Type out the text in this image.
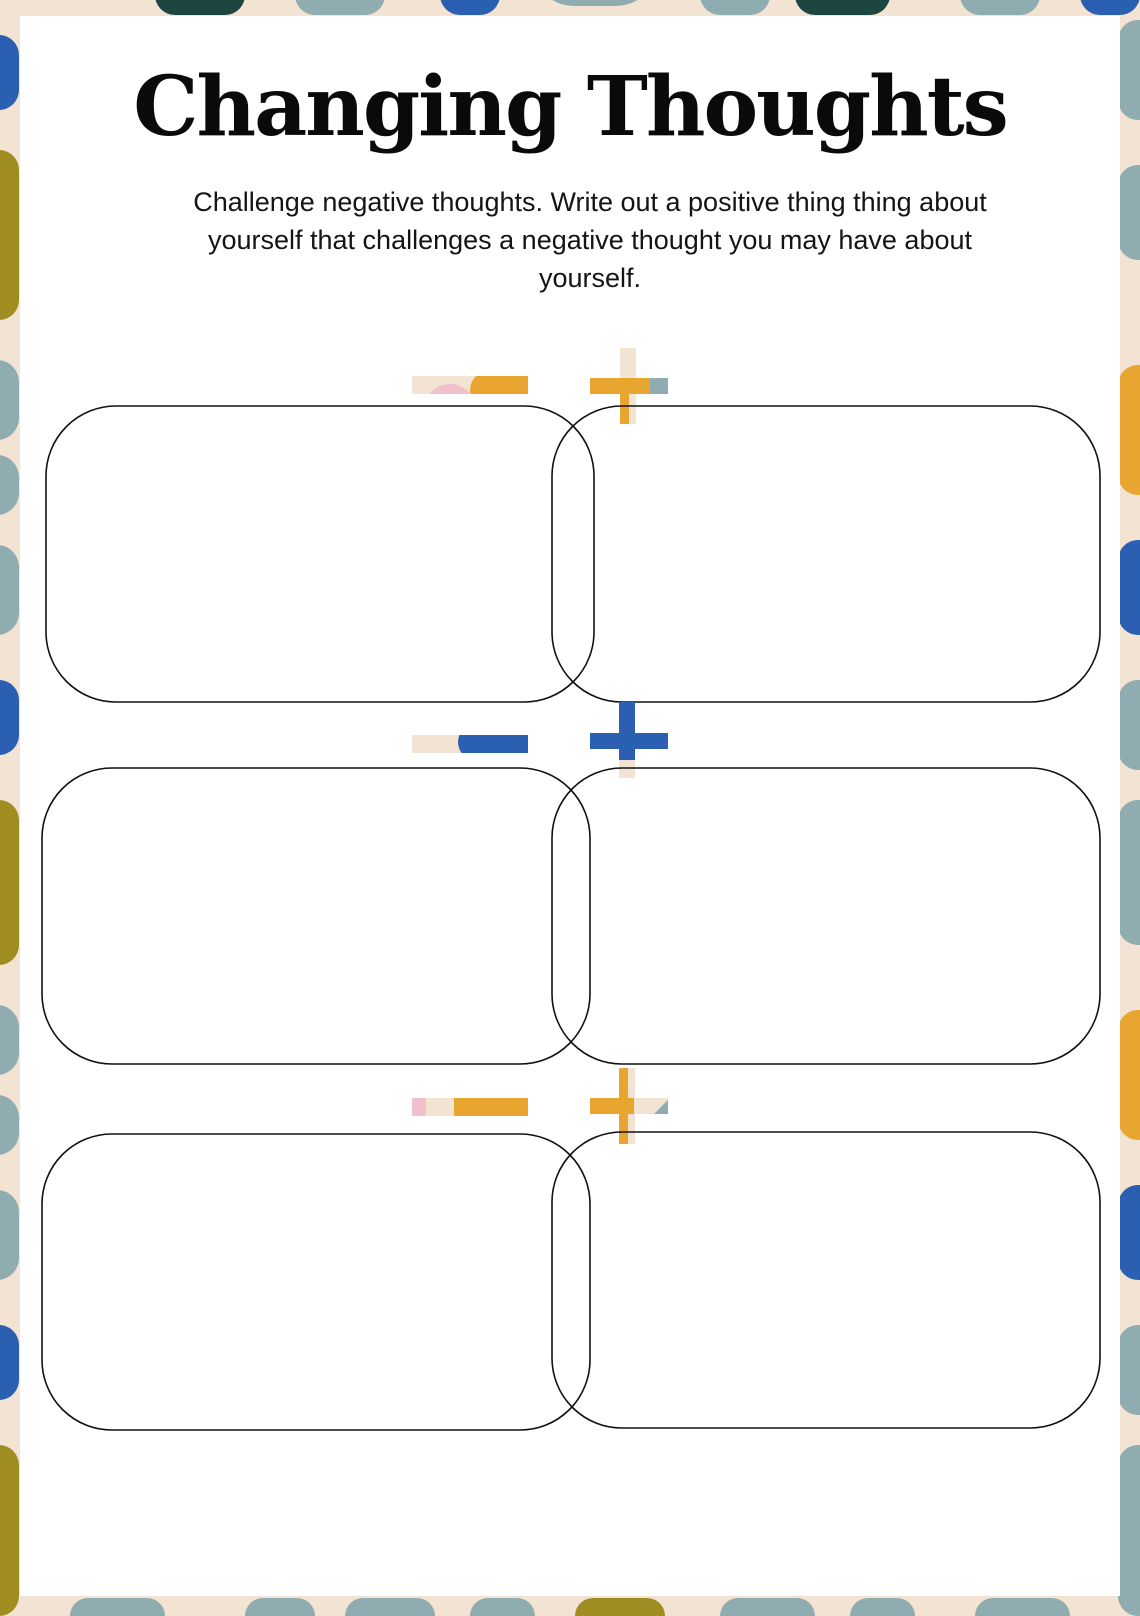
Changing Thoughts

Challenge negative thoughts. Write out a positive thing thing about yourself that challenges a negative thought you may have about yourself.
